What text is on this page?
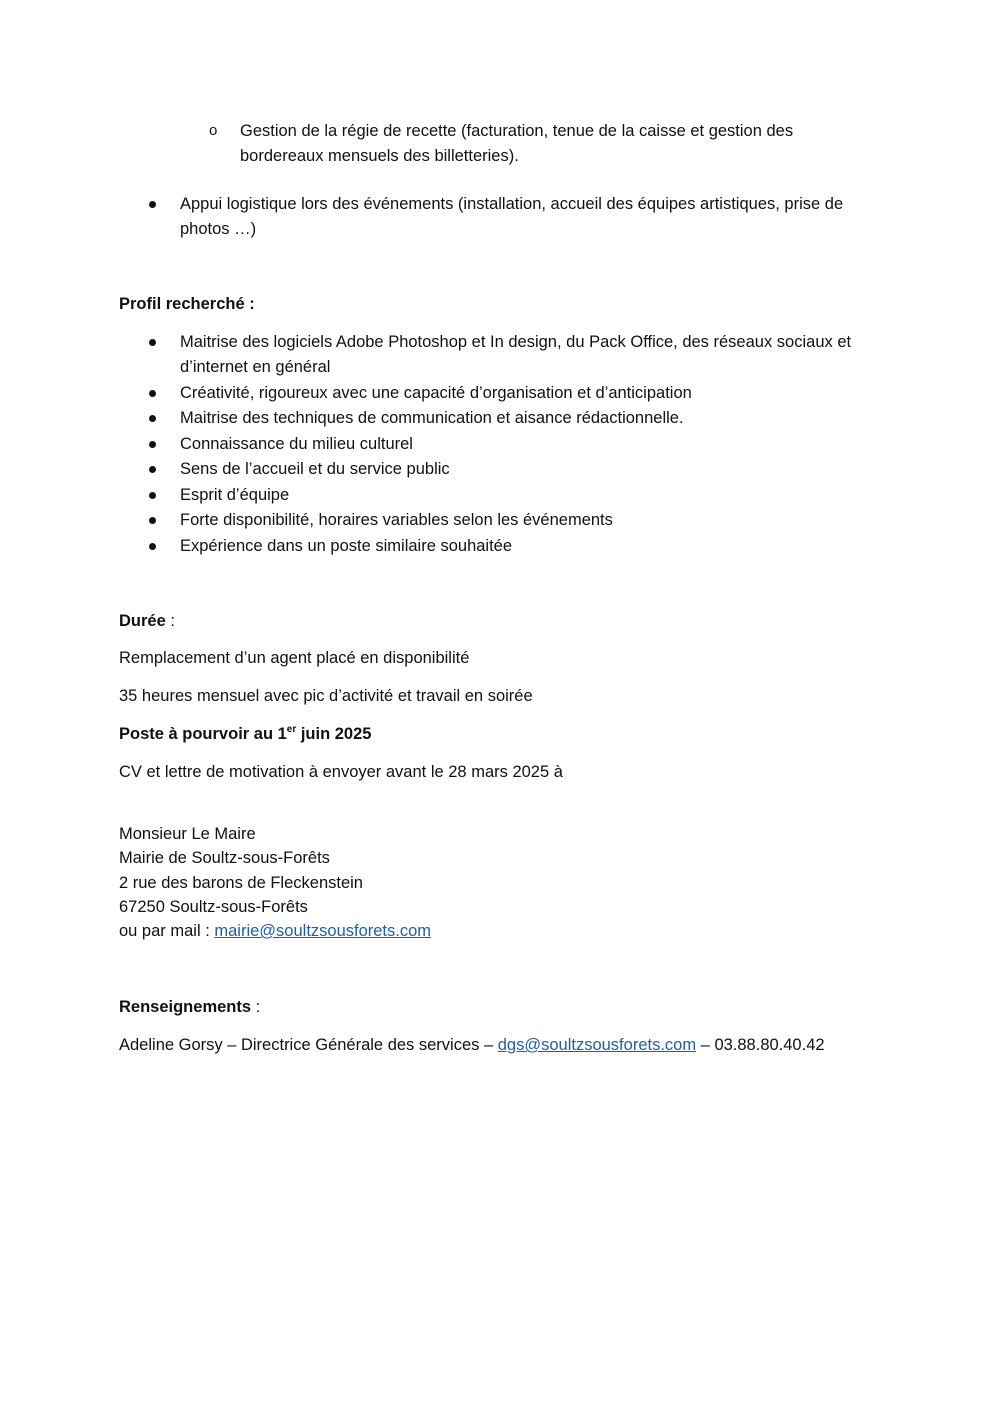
o Gestion de la régie de recette (facturation, tenue de la caisse et gestion des
bordereaux mensuels des billetteries).
Appui logistique lors des événements (installation, accueil des équipes artistiques, prise de
photos …)
Profil recherché :
Maitrise des logiciels Adobe Photoshop et In design, du Pack Office, des réseaux sociaux et
d’internet en général
Créativité, rigoureux avec une capacité d’organisation et d’anticipation
Maitrise des techniques de communication et aisance rédactionnelle.
Connaissance du milieu culturel
Sens de l’accueil et du service public
Esprit d’équipe
Forte disponibilité, horaires variables selon les événements
Expérience dans un poste similaire souhaitée
Durée :
Remplacement d’un agent placé en disponibilité
35 heures mensuel avec pic d’activité et travail en soirée
Poste à pourvoir au 1er juin 2025
CV et lettre de motivation à envoyer avant le 28 mars 2025 à
Monsieur Le Maire
Mairie de Soultz-sous-Forêts
2 rue des barons de Fleckenstein
67250 Soultz-sous-Forêts
ou par mail : mairie@soultzsousforets.com
Renseignements :
Adeline Gorsy – Directrice Générale des services – dgs@soultzsousforets.com – 03.88.80.40.42
